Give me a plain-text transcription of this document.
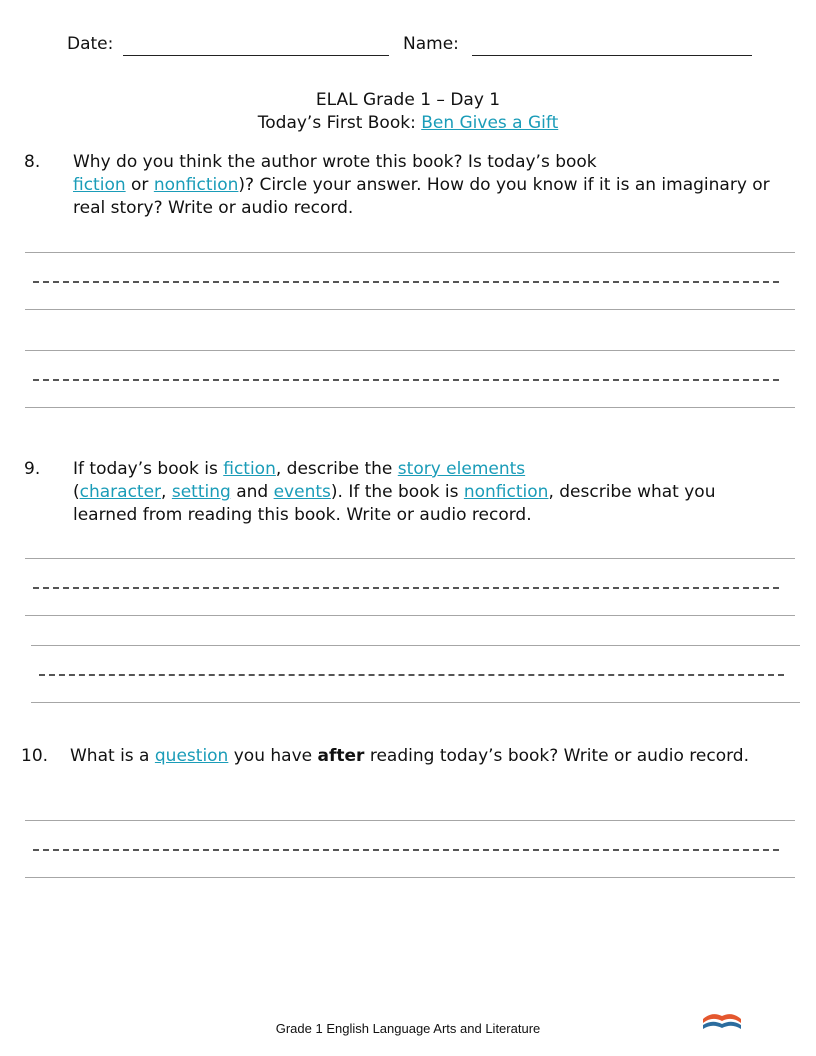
Date:	Name:
ELAL Grade 1 – Day 1
Today’s First Book: Ben Gives a Gift
8. Why do you think the author wrote this book? Is today’s book
fiction or nonfiction)? Circle your answer. How do you know if it is an imaginary or
real story? Write or audio record.
9. If today’s book is fiction, describe the story elements
(character, setting and events). If the book is nonfiction, describe what you
learned from reading this book. Write or audio record.
10. What is a question you have after reading today’s book? Write or audio record.
Grade 1 English Language Arts and Literature
